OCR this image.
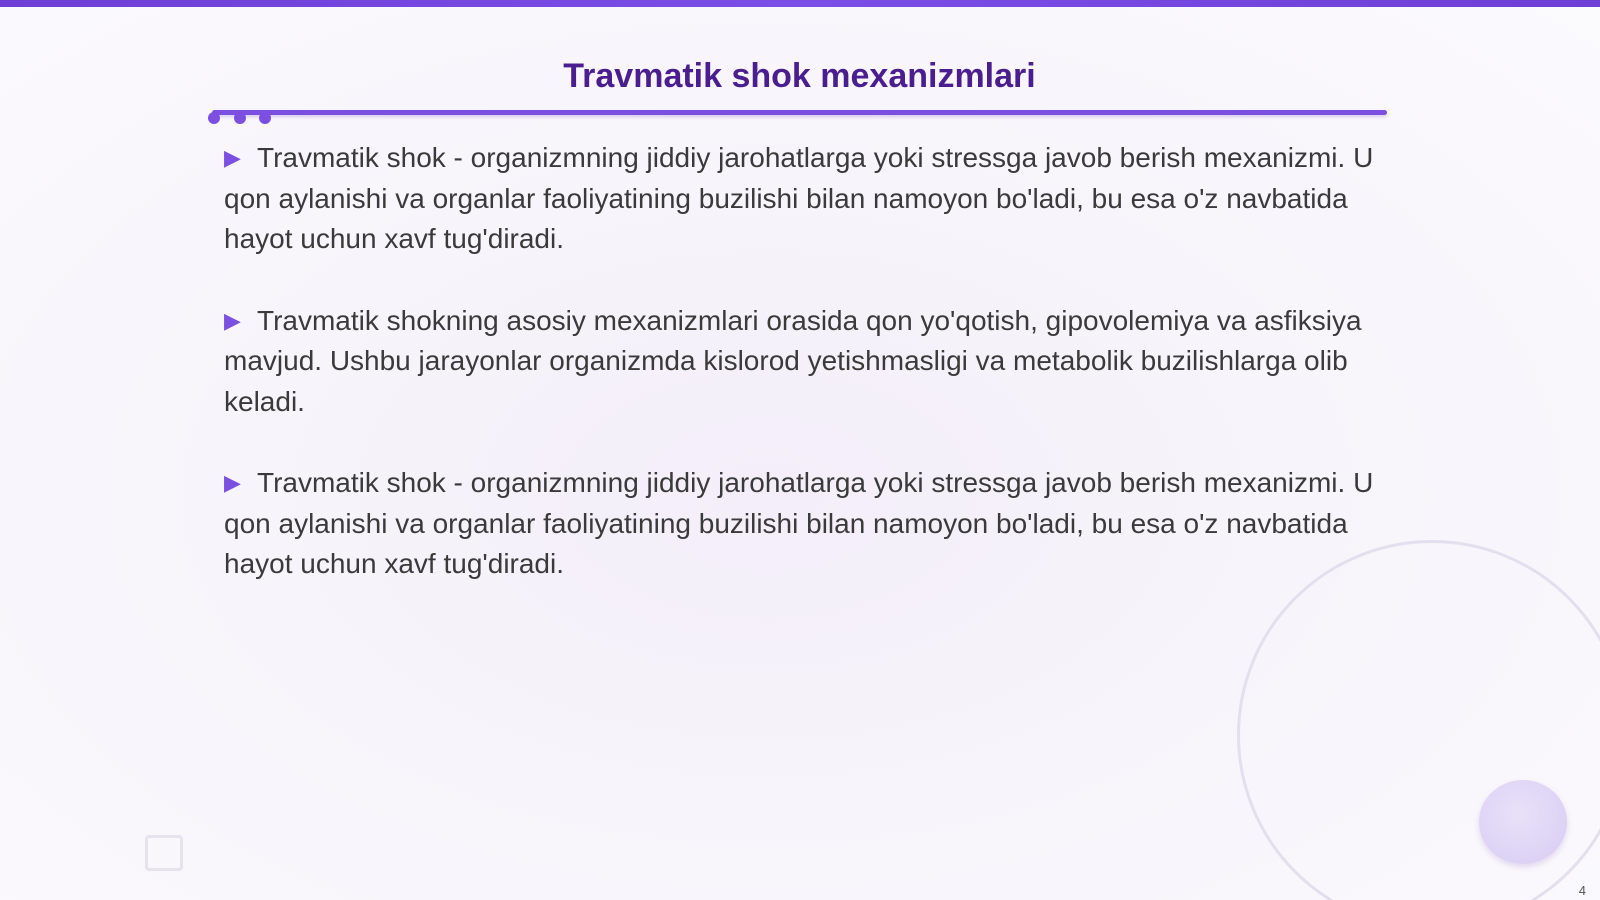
Travmatik shok mexanizmlari

▶ Travmatik shok - organizmning jiddiy jarohatlarga yoki stressga javob berish mexanizmi. U qon aylanishi va organlar faoliyatining buzilishi bilan namoyon bo'ladi, bu esa o'z navbatida hayot uchun xavf tug'diradi.

▶ Travmatik shokning asosiy mexanizmlari orasida qon yo'qotish, gipovolemiya va asfiksiya mavjud. Ushbu jarayonlar organizmda kislorod yetishmasligi va metabolik buzilishlarga olib keladi.

▶ Travmatik shok - organizmning jiddiy jarohatlarga yoki stressga javob berish mexanizmi. U qon aylanishi va organlar faoliyatining buzilishi bilan namoyon bo'ladi, bu esa o'z navbatida hayot uchun xavf tug'diradi.

4
